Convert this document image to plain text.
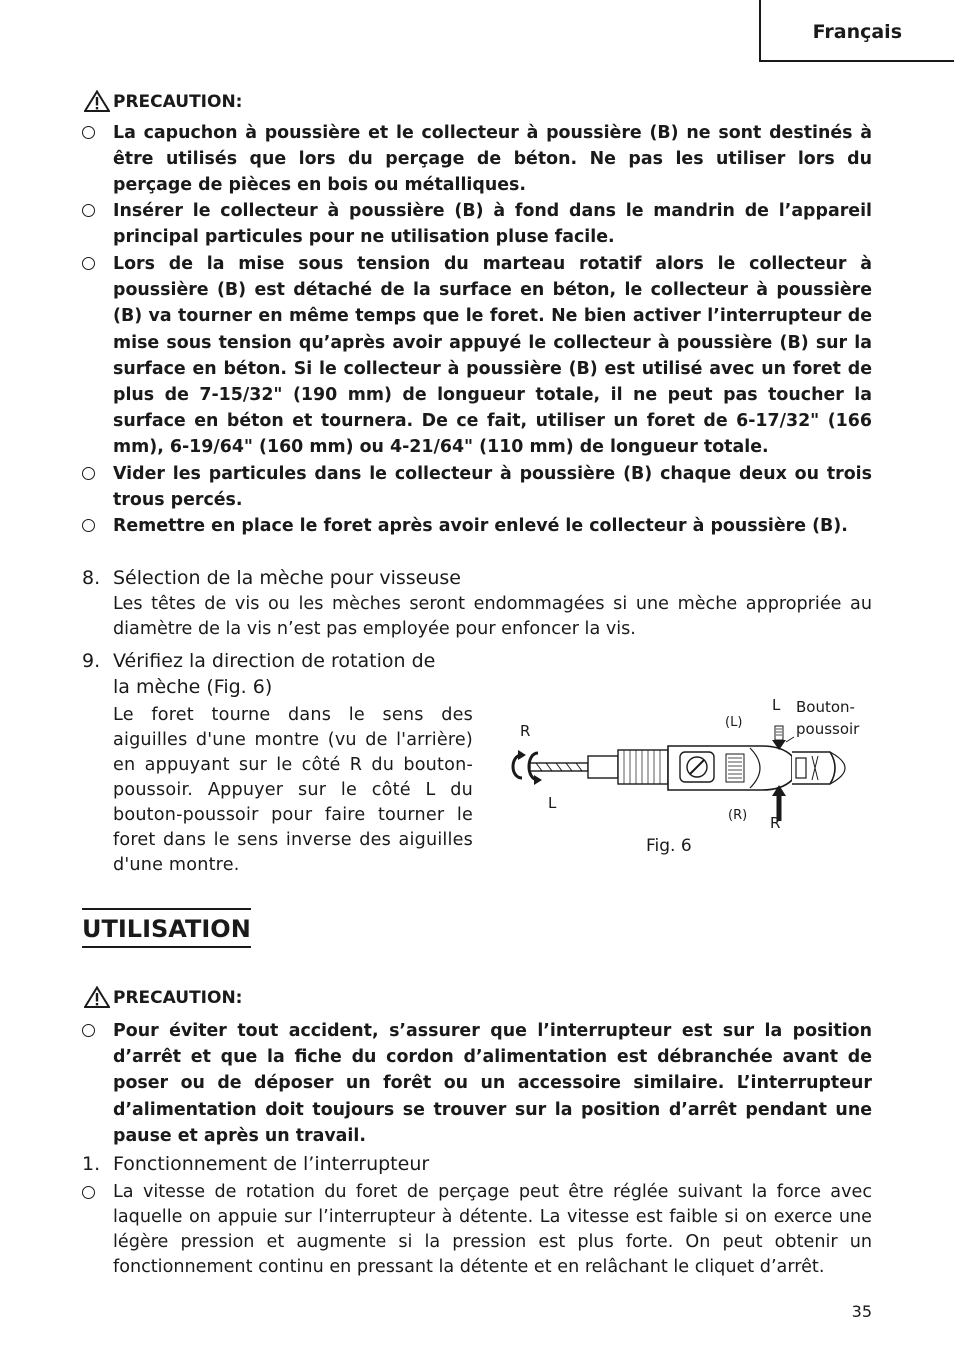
Français
PRECAUTION:

La capuchon à poussière et le collecteur à poussière (B) ne sont destinés à être utilisés que lors du perçage de béton. Ne pas les utiliser lors du perçage de pièces en bois ou métalliques.

Insérer le collecteur à poussière (B) à fond dans le mandrin de l’appareil principal particules pour ne utilisation pluse facile.

Lors de la mise sous tension du marteau rotatif alors le collecteur à poussière (B) est détaché de la surface en béton, le collecteur à poussière (B) va tourner en même temps que le foret. Ne bien activer l’interrupteur de mise sous tension qu’après avoir appuyé le collecteur à poussière (B) sur la surface en béton. Si le collecteur à poussière (B) est utilisé avec un foret de plus de 7-15/32" (190 mm) de longueur totale, il ne peut pas toucher la surface en béton et tournera. De ce fait, utiliser un foret de 6-17/32" (166 mm), 6-19/64" (160 mm) ou 4-21/64" (110 mm) de longueur totale.

Vider les particules dans le collecteur à poussière (B) chaque deux ou trois trous percés.

Remettre en place le foret après avoir enlevé le collecteur à poussière (B).

8. Sélection de la mèche pour visseuse

Les têtes de vis ou les mèches seront endommagées si une mèche appropriée au diamètre de la vis n’est pas employée pour enfoncer la vis.

9. Vérifiez la direction de rotation de
la mèche (Fig. 6)

Le foret tourne dans le sens des aiguilles d'une montre (vu de l'arrière) en appuyant sur le côté R du bouton-poussoir. Appuyer sur le côté L du bouton-poussoir pour faire tourner le foret dans le sens inverse des aiguilles d'une montre.

R
L
(L)
L Bouton-
poussoir
(R) R
Fig. 6
UTILISATION
PRECAUTION:

Pour éviter tout accident, s’assurer que l’interrupteur est sur la position d’arrêt et que la fiche du cordon d’alimentation est débranchée avant de poser ou de déposer un forêt ou un accessoire similaire. L’interrupteur d’alimentation doit toujours se trouver sur la position d’arrêt pendant une pause et après un travail.

1. Fonctionnement de l’interrupteur

La vitesse de rotation du foret de perçage peut être réglée suivant la force avec laquelle on appuie sur l’interrupteur à détente. La vitesse est faible si on exerce une légère pression et augmente si la pression est plus forte. On peut obtenir un fonctionnement continu en pressant la détente et en relâchant le cliquet d’arrêt.

35
